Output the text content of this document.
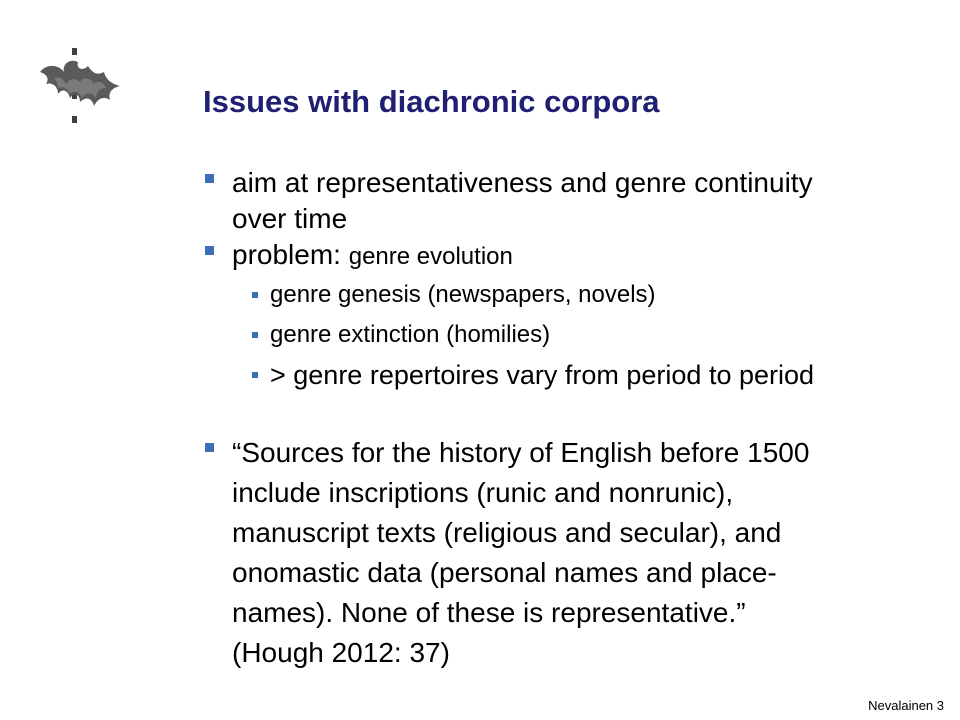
Issues with diachronic corpora
aim at representativeness and genre continuity
over time
problem: genre evolution
genre genesis (newspapers, novels)
genre extinction (homilies)
> genre repertoires vary from period to period
“Sources for the history of English before 1500
include inscriptions (runic and nonrunic),
manuscript texts (religious and secular), and
onomastic data (personal names and place-
names). None of these is representative.”
(Hough 2012: 37)
Nevalainen 3
